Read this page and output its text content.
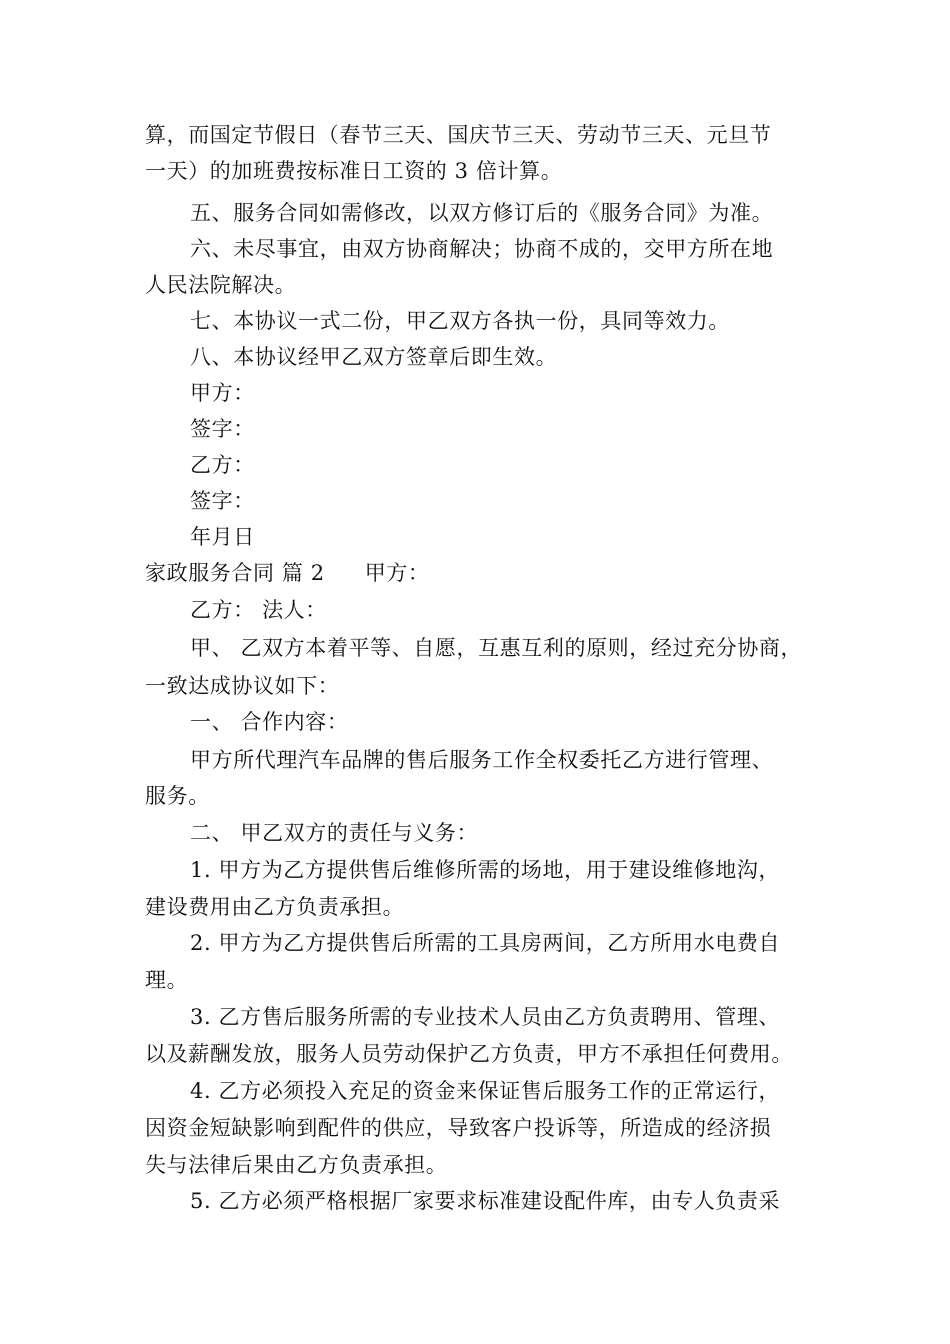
算，而国定节假日（春节三天、国庆节三天、劳动节三天、元旦节
一天）的加班费按标准日工资的 3 倍计算。
五、服务合同如需修改，以双方修订后的《服务合同》为准。
六、未尽事宜，由双方协商解决；协商不成的，交甲方所在地
人民法院解决。
七、本协议一式二份，甲乙双方各执一份，具同等效力。
八、本协议经甲乙双方签章后即生效。
甲方：
签字：
乙方：
签字：
年月日
家政服务合同 篇 2 甲方：
乙方： 法人：
甲、 乙双方本着平等、自愿，互惠互利的原则，经过充分协商，
一致达成协议如下：
一、 合作内容：
甲方所代理汽车品牌的售后服务工作全权委托乙方进行管理、
服务。
二、 甲乙双方的责任与义务：
1. 甲方为乙方提供售后维修所需的场地，用于建设维修地沟，
建设费用由乙方负责承担。
2. 甲方为乙方提供售后所需的工具房两间，乙方所用水电费自
理。
3. 乙方售后服务所需的专业技术人员由乙方负责聘用、管理、
以及薪酬发放，服务人员劳动保护乙方负责，甲方不承担任何费用。
4. 乙方必须投入充足的资金来保证售后服务工作的正常运行，
因资金短缺影响到配件的供应，导致客户投诉等，所造成的经济损
失与法律后果由乙方负责承担。
5. 乙方必须严格根据厂家要求标准建设配件库，由专人负责采
